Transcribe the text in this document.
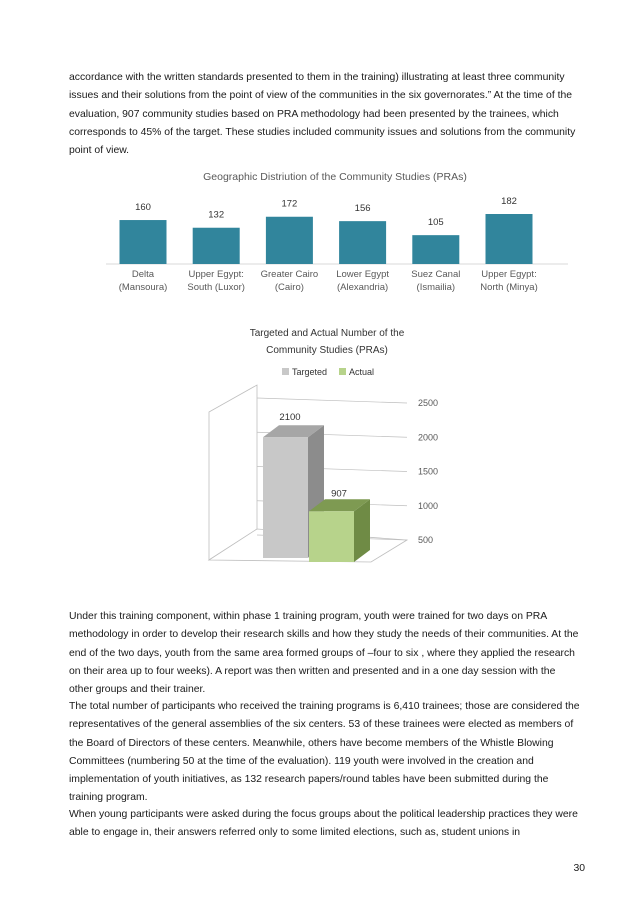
accordance with the written standards presented to them in the training) illustrating at least three community issues and their solutions from the point of view of the communities in the six governorates.” At the time of the evaluation, 907 community studies based on PRA methodology had been presented by the trainees, which corresponds to 45% of the target. These studies included community issues and solutions from the community point of view.

Geographic Distriution of the Community Studies (PRAs)
160
132
172	156
105
182
Delta
(Mansoura)
Upper Egypt:
South (Luxor)
Greater Cairo
(Cairo)
Lower Egypt
(Alexandria)
Suez Canal
(Ismailia)
Upper Egypt:
North (Minya)
Targeted and Actual Number of the
Community Studies (PRAs)
Targeted Actual
500
1000
1500
2000
2500
2100
907

Under this training component, within phase 1 training program, youth were trained for two days on PRA methodology in order to develop their research skills and how they study the needs of their communities. At the end of the two days, youth from the same area formed groups of –four to six , where they applied the research on their area up to four weeks). A report was then written and presented and in a one day session with the other groups and their trainer.

The total number of participants who received the training programs is 6,410 trainees; those are considered the representatives of the general assemblies of the six centers. 53 of these trainees were elected as members of the Board of Directors of these centers. Meanwhile, others have become members of the Whistle Blowing Committees (numbering 50 at the time of the evaluation). 119 youth were involved in the creation and implementation of youth initiatives, as 132 research papers/round tables have been submitted during the training program.

When young participants were asked during the focus groups about the political leadership practices they were able to engage in, their answers referred only to some limited elections, such as, student unions in

30
